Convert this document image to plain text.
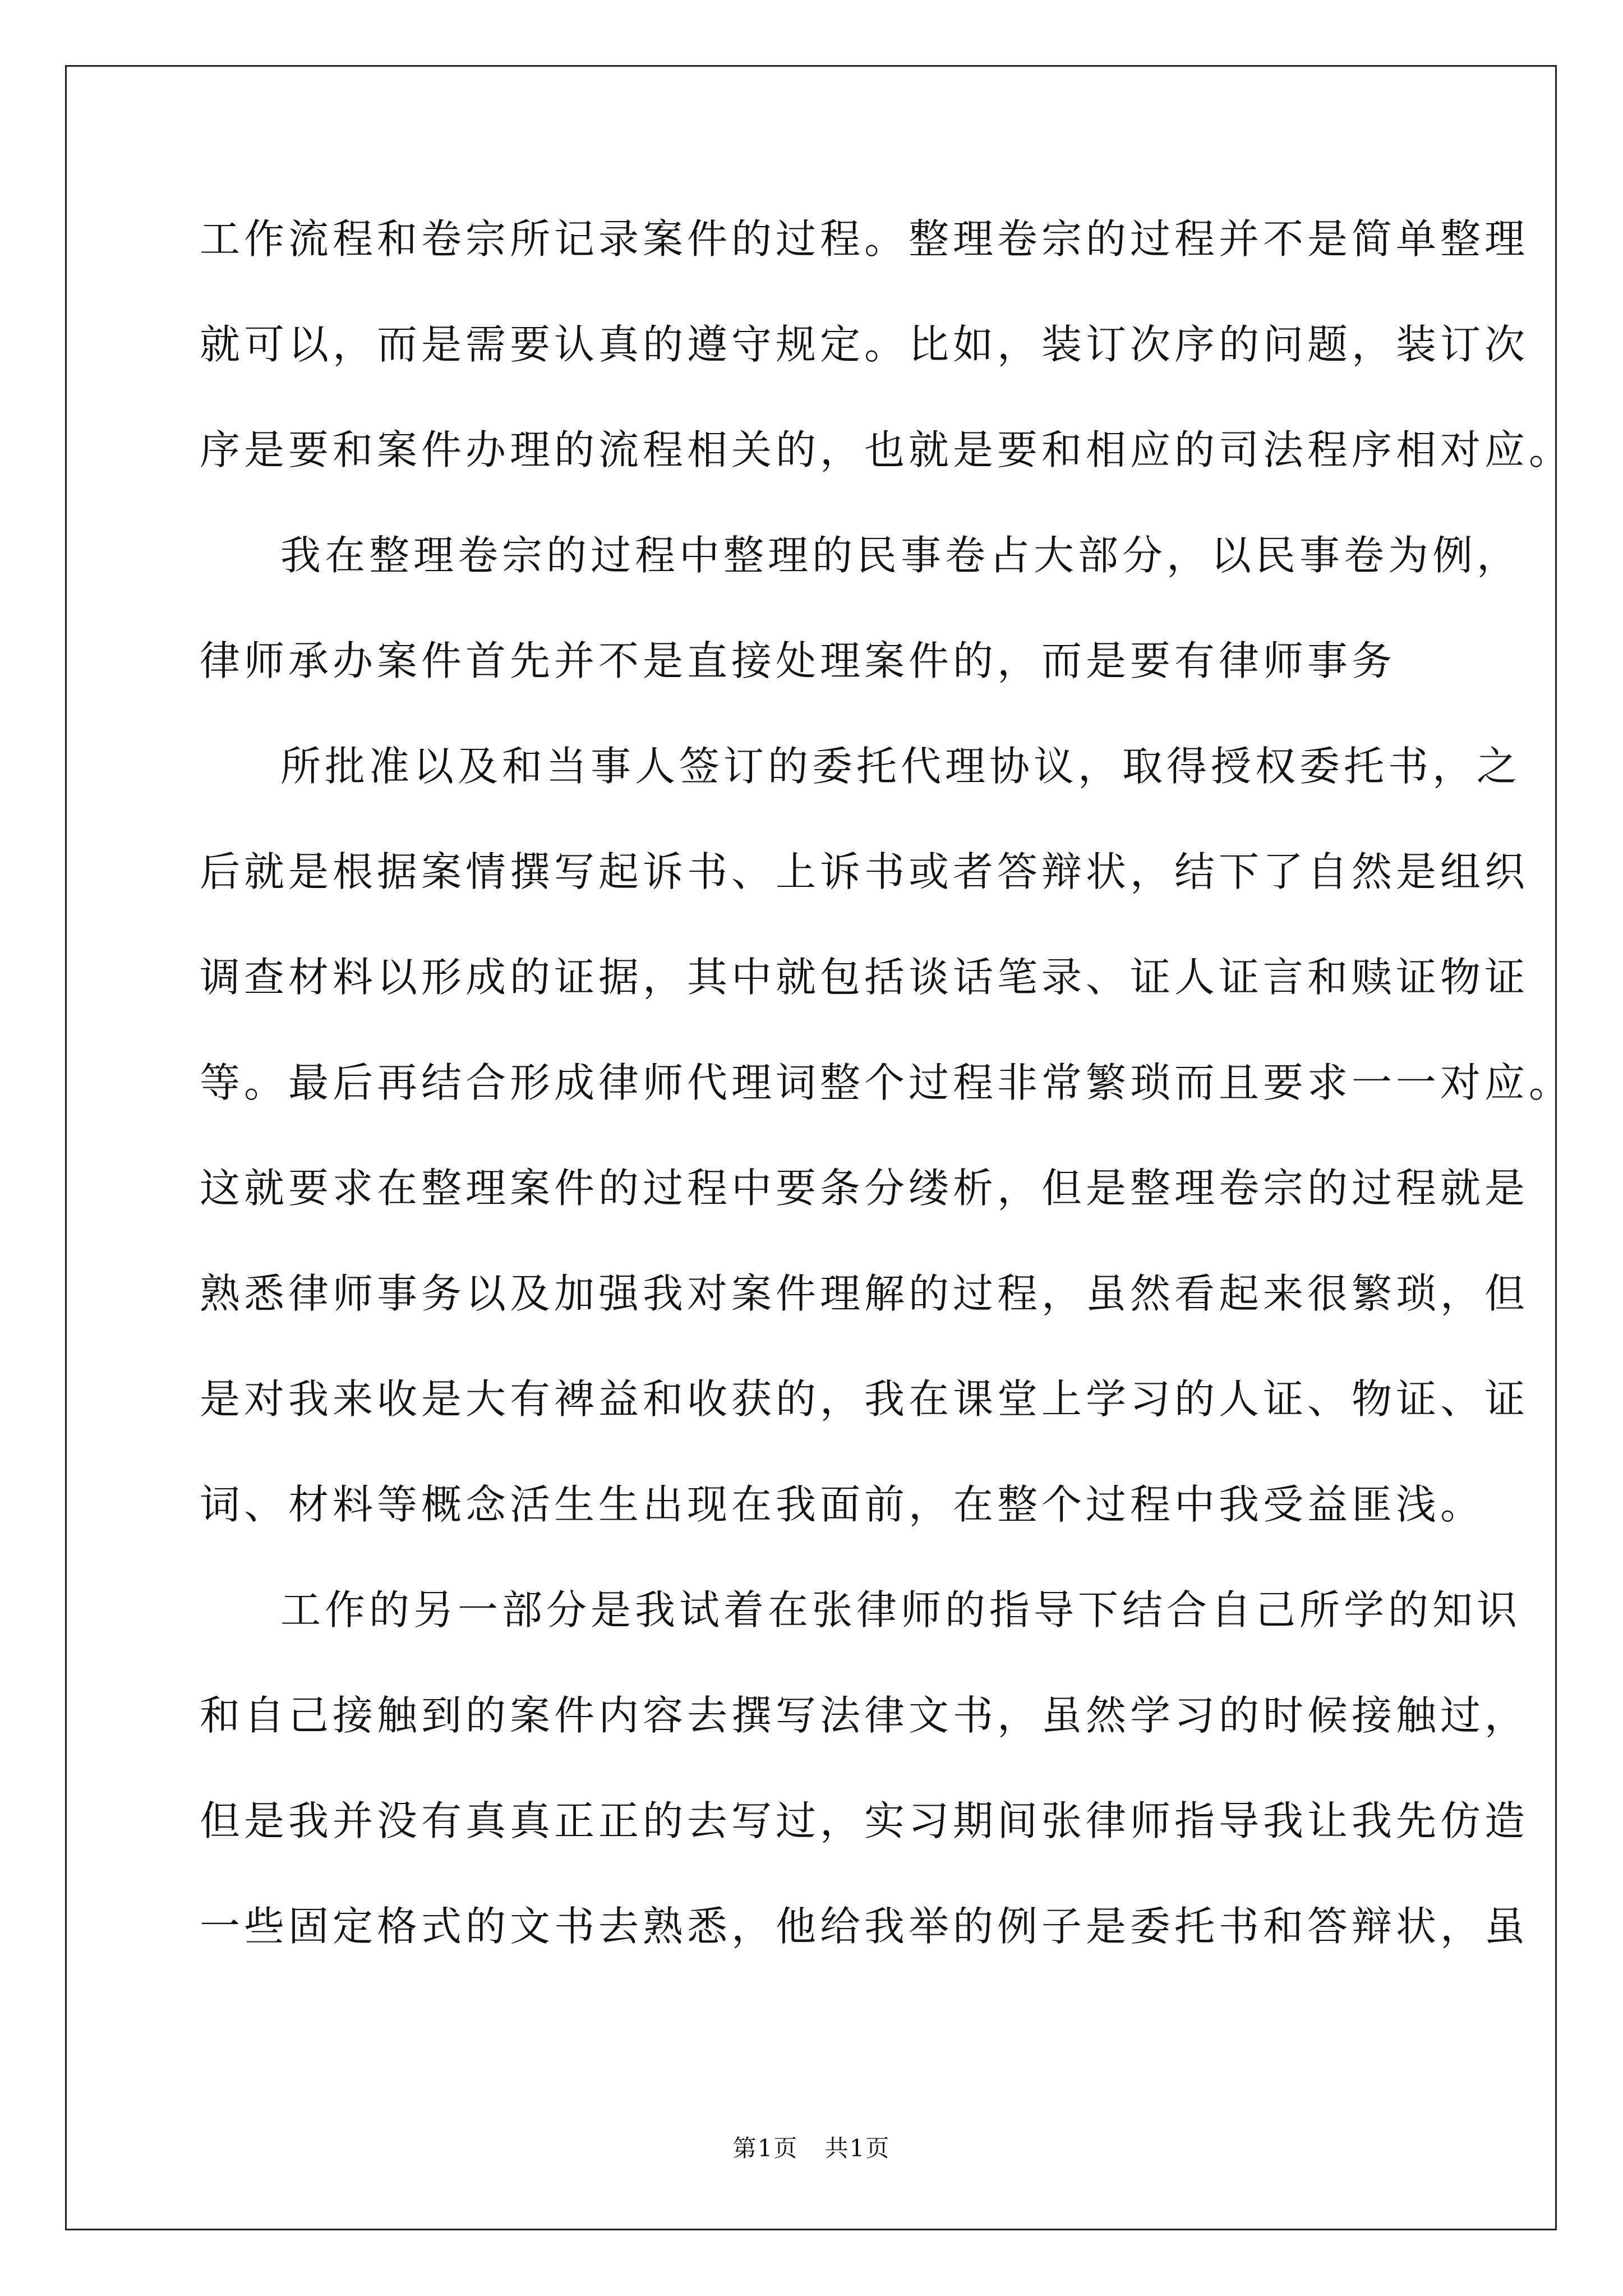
工作流程和卷宗所记录案件的过程。整理卷宗的过程并不是简单整理
就可以，而是需要认真的遵守规定。比如，装订次序的问题，装订次
序是要和案件办理的流程相关的，也就是要和相应的司法程序相对应。
我在整理卷宗的过程中整理的民事卷占大部分，以民事卷为例，
律师承办案件首先并不是直接处理案件的，而是要有律师事务
所批准以及和当事人签订的委托代理协议，取得授权委托书，之
后就是根据案情撰写起诉书、上诉书或者答辩状，结下了自然是组织
调查材料以形成的证据，其中就包括谈话笔录、证人证言和赎证物证
等。最后再结合形成律师代理词整个过程非常繁琐而且要求一一对应。
这就要求在整理案件的过程中要条分缕析，但是整理卷宗的过程就是
熟悉律师事务以及加强我对案件理解的过程，虽然看起来很繁琐，但
是对我来收是大有裨益和收获的，我在课堂上学习的人证、物证、证
词、材料等概念活生生出现在我面前，在整个过程中我受益匪浅。
工作的另一部分是我试着在张律师的指导下结合自己所学的知识
和自己接触到的案件内容去撰写法律文书，虽然学习的时候接触过，
但是我并没有真真正正的去写过，实习期间张律师指导我让我先仿造
一些固定格式的文书去熟悉，他给我举的例子是委托书和答辩状，虽
第1页 共1页
